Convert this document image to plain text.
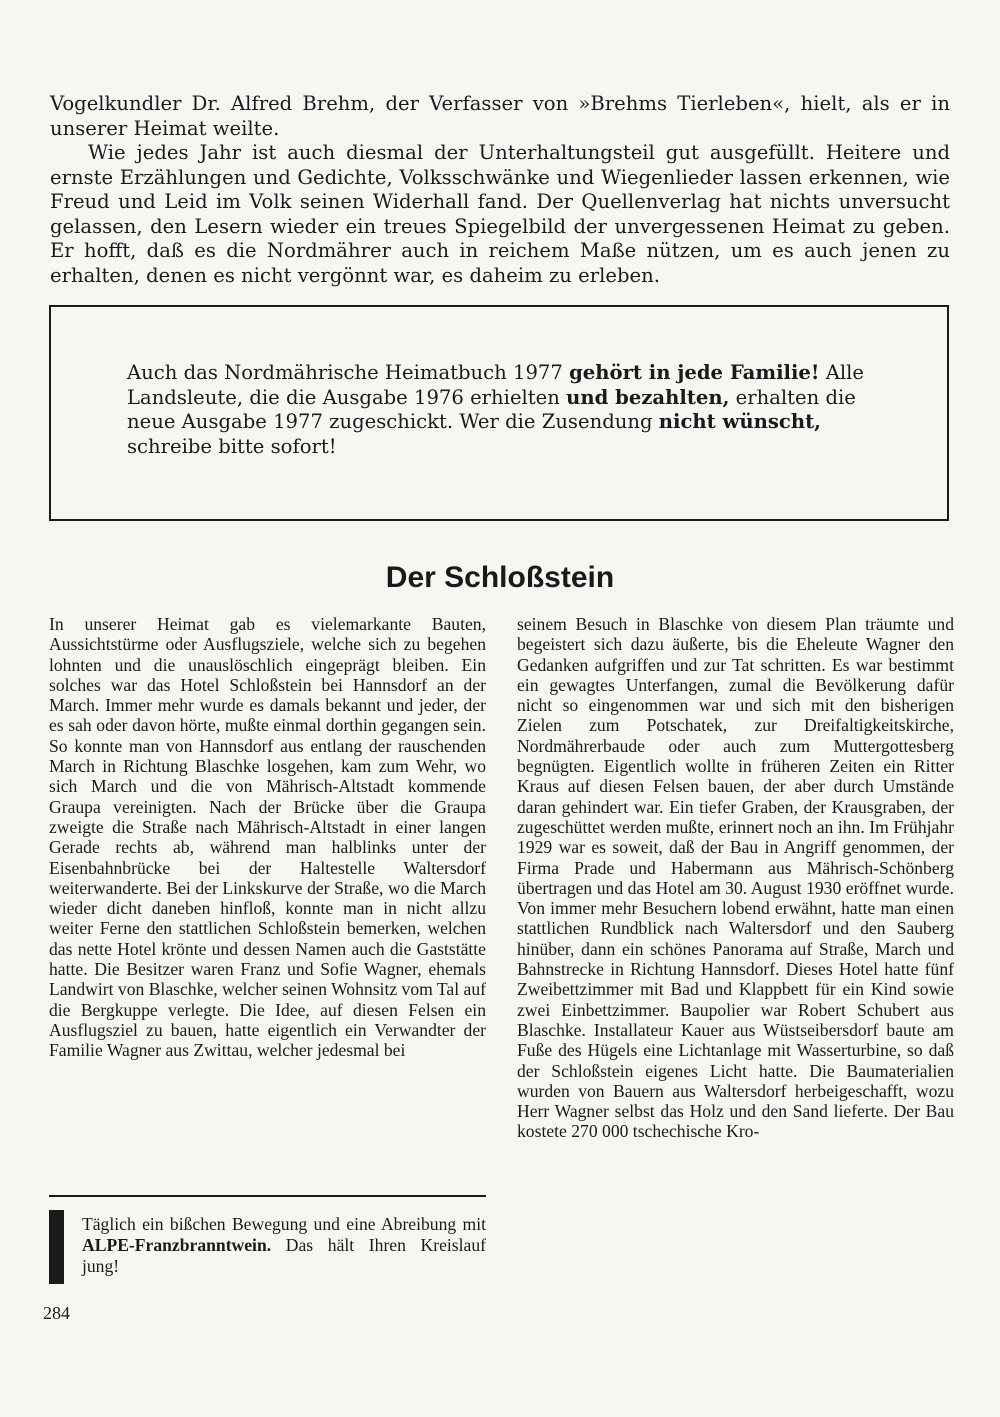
Vogelkundler Dr. Alfred Brehm, der Verfasser von »Brehms Tierleben«, hielt, als er in unserer Heimat weilte.

Wie jedes Jahr ist auch diesmal der Unterhaltungsteil gut ausgefüllt. Heitere und ernste Erzählungen und Gedichte, Volksschwänke und Wiegenlieder lassen erkennen, wie Freud und Leid im Volk seinen Widerhall fand. Der Quellenverlag hat nichts unversucht gelassen, den Lesern wieder ein treues Spiegelbild der unvergessenen Heimat zu geben. Er hofft, daß es die Nordmährer auch in reichem Maße nützen, um es auch jenen zu erhalten, denen es nicht vergönnt war, es daheim zu erleben.

Auch das Nordmährische Heimatbuch 1977 gehört in jede Familie! Alle Landsleute, die die Ausgabe 1976 erhielten und bezahlten, erhalten die neue Ausgabe 1977 zugeschickt. Wer die Zusendung nicht wünscht, schreibe bitte sofort!
Der Schloßstein

In unserer Heimat gab es vielemarkante Bauten, Aussichtstürme oder Ausflugsziele, welche sich zu begehen lohnten und die unauslöschlich eingeprägt bleiben. Ein solches war das Hotel Schloßstein bei Hannsdorf an der March. Immer mehr wurde es damals bekannt und jeder, der es sah oder davon hörte, mußte einmal dorthin gegangen sein. So konnte man von Hannsdorf aus entlang der rauschenden March in Richtung Blaschke losgehen, kam zum Wehr, wo sich March und die von Mährisch-Altstadt kommende Graupa vereinigten. Nach der Brücke über die Graupa zweigte die Straße nach Mährisch-Altstadt in einer langen Gerade rechts ab, während man halblinks unter der Eisenbahnbrücke bei der Haltestelle Waltersdorf weiterwanderte. Bei der Linkskurve der Straße, wo die March wieder dicht daneben hinfloß, konnte man in nicht allzu weiter Ferne den stattlichen Schloßstein bemerken, welchen das nette Hotel krönte und dessen Namen auch die Gaststätte hatte. Die Besitzer waren Franz und Sofie Wagner, ehemals Landwirt von Blaschke, welcher seinen Wohnsitz vom Tal auf die Bergkuppe verlegte. Die Idee, auf diesen Felsen ein Ausflugsziel zu bauen, hatte eigentlich ein Verwandter der Familie Wagner aus Zwittau, welcher jedesmal bei

seinem Besuch in Blaschke von diesem Plan träumte und begeistert sich dazu äußerte, bis die Eheleute Wagner den Gedanken aufgriffen und zur Tat schritten. Es war bestimmt ein gewagtes Unterfangen, zumal die Bevölkerung dafür nicht so eingenommen war und sich mit den bisherigen Zielen zum Potschatek, zur Dreifaltigkeitskirche, Nordmährerbaude oder auch zum Muttergottesberg begnügten. Eigentlich wollte in früheren Zeiten ein Ritter Kraus auf diesen Felsen bauen, der aber durch Umstände daran gehindert war. Ein tiefer Graben, der Krausgraben, der zugeschüttet werden mußte, erinnert noch an ihn. Im Frühjahr 1929 war es soweit, daß der Bau in Angriff genommen, der Firma Prade und Habermann aus Mährisch-Schönberg übertragen und das Hotel am 30. August 1930 eröffnet wurde. Von immer mehr Besuchern lobend erwähnt, hatte man einen stattlichen Rundblick nach Waltersdorf und den Sauberg hinüber, dann ein schönes Panorama auf Straße, March und Bahnstrecke in Richtung Hannsdorf. Dieses Hotel hatte fünf Zweibettzimmer mit Bad und Klappbett für ein Kind sowie zwei Einbettzimmer. Baupolier war Robert Schubert aus Blaschke. Installateur Kauer aus Wüstseibersdorf baute am Fuße des Hügels eine Lichtanlage mit Wasserturbine, so daß der Schloßstein eigenes Licht hatte. Die Baumaterialien wurden von Bauern aus Waltersdorf herbeigeschafft, wozu Herr Wagner selbst das Holz und den Sand lieferte. Der Bau kostete 270 000 tschechische Kro-

Täglich ein bißchen Bewegung und eine Abreibung mit ALPE-Franzbranntwein. Das hält Ihren Kreislauf jung!
284
